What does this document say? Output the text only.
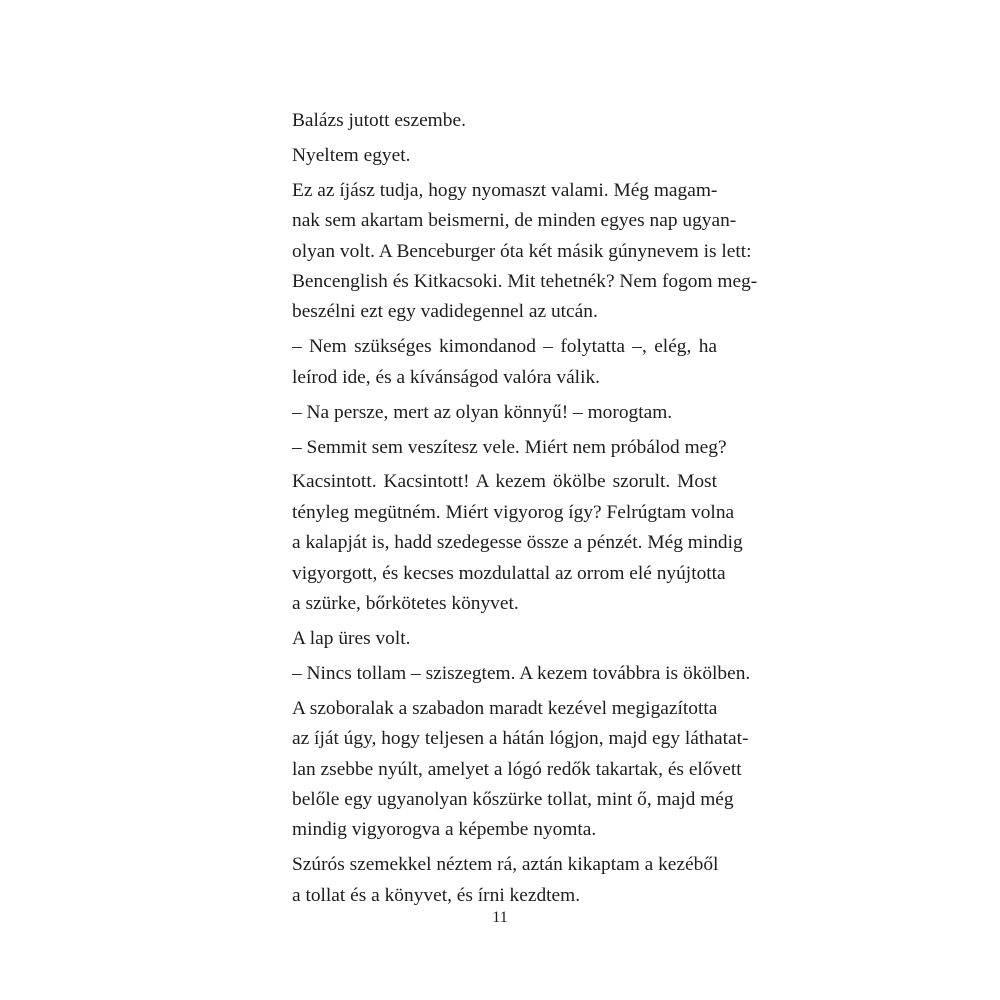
Balázs jutott eszembe.

Nyeltem egyet.

Ez az íjász tudja, hogy nyomaszt valami. Még magam-
nak sem akartam beismerni, de minden egyes nap ugyan-
olyan volt. A Benceburger óta két másik gúnynevem is lett:
Bencenglish és Kitkacsoki. Mit tehetnék? Nem fogom meg-
beszélni ezt egy vadidegennel az utcán.

– Nem szükséges kimondanod – folytatta –, elég, ha
leírod ide, és a kívánságod valóra válik.

– Na persze, mert az olyan könnyű! – morogtam.

– Semmit sem veszítesz vele. Miért nem próbálod meg?

Kacsintott. Kacsintott! A kezem ökölbe szorult. Most
tényleg megütném. Miért vigyorog így? Felrúgtam volna
a kalapját is, hadd szedegesse össze a pénzét. Még mindig
vigyorgott, és kecses mozdulattal az orrom elé nyújtotta
a szürke, bőrkötetes könyvet.

A lap üres volt.

– Nincs tollam – sziszegtem. A kezem továbbra is ökölben.

A szoboralak a szabadon maradt kezével megigazította
az íját úgy, hogy teljesen a hátán lógjon, majd egy láthatat-
lan zsebbe nyúlt, amelyet a lógó redők takartak, és elővett
belőle egy ugyanolyan kőszürke tollat, mint ő, majd még
mindig vigyorogva a képembe nyomta.

Szúrós szemekkel néztem rá, aztán kikaptam a kezéből
a tollat és a könyvet, és írni kezdtem.

11
